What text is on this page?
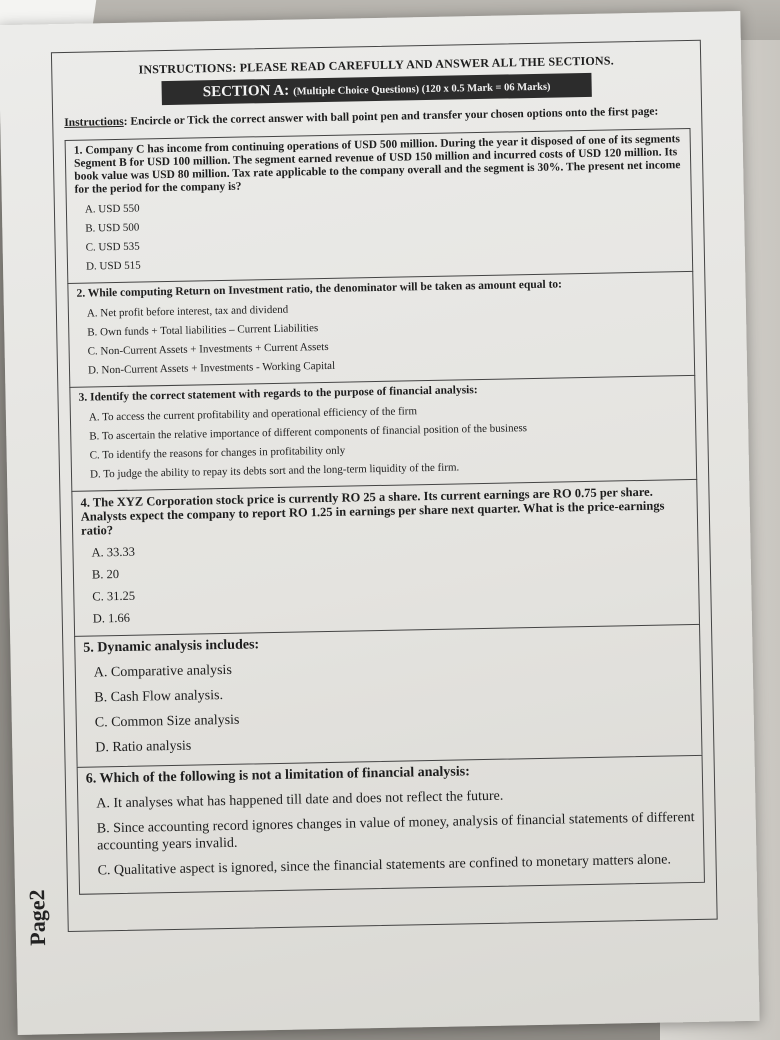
INSTRUCTIONS: PLEASE READ CAREFULLY AND ANSWER ALL THE SECTIONS.
SECTION A: (Multiple Choice Questions) (120 x 0.5 Mark = 06 Marks)
Instructions: Encircle or Tick the correct answer with ball point pen and transfer your chosen options onto the first page:
1. Company C has income from continuing operations of USD 500 million. During the year it disposed of one of its segments Segment B for USD 100 million. The segment earned revenue of USD 150 million and incurred costs of USD 120 million. Its book value was USD 80 million. Tax rate applicable to the company overall and the segment is 30%. The present net income for the period for the company is?
A. USD 550
B. USD 500
C. USD 535
D. USD 515
2. While computing Return on Investment ratio, the denominator will be taken as amount equal to:
A. Net profit before interest, tax and dividend
B. Own funds + Total liabilities – Current Liabilities
C. Non-Current Assets + Investments + Current Assets
D. Non-Current Assets + Investments - Working Capital
3. Identify the correct statement with regards to the purpose of financial analysis:
A. To access the current profitability and operational efficiency of the firm
B. To ascertain the relative importance of different components of financial position of the business
C. To identify the reasons for changes in profitability only
D. To judge the ability to repay its debts sort and the long-term liquidity of the firm.
4. The XYZ Corporation stock price is currently RO 25 a share. Its current earnings are RO 0.75 per share. Analysts expect the company to report RO 1.25 in earnings per share next quarter. What is the price-earnings ratio?
A. 33.33
B. 20
C. 31.25
D. 1.66
5. Dynamic analysis includes:
A. Comparative analysis
B. Cash Flow analysis.
C. Common Size analysis
D. Ratio analysis
6. Which of the following is not a limitation of financial analysis:
A. It analyses what has happened till date and does not reflect the future.
B. Since accounting record ignores changes in value of money, analysis of financial statements of different accounting years invalid.
C. Qualitative aspect is ignored, since the financial statements are confined to monetary matters alone.
Page2
